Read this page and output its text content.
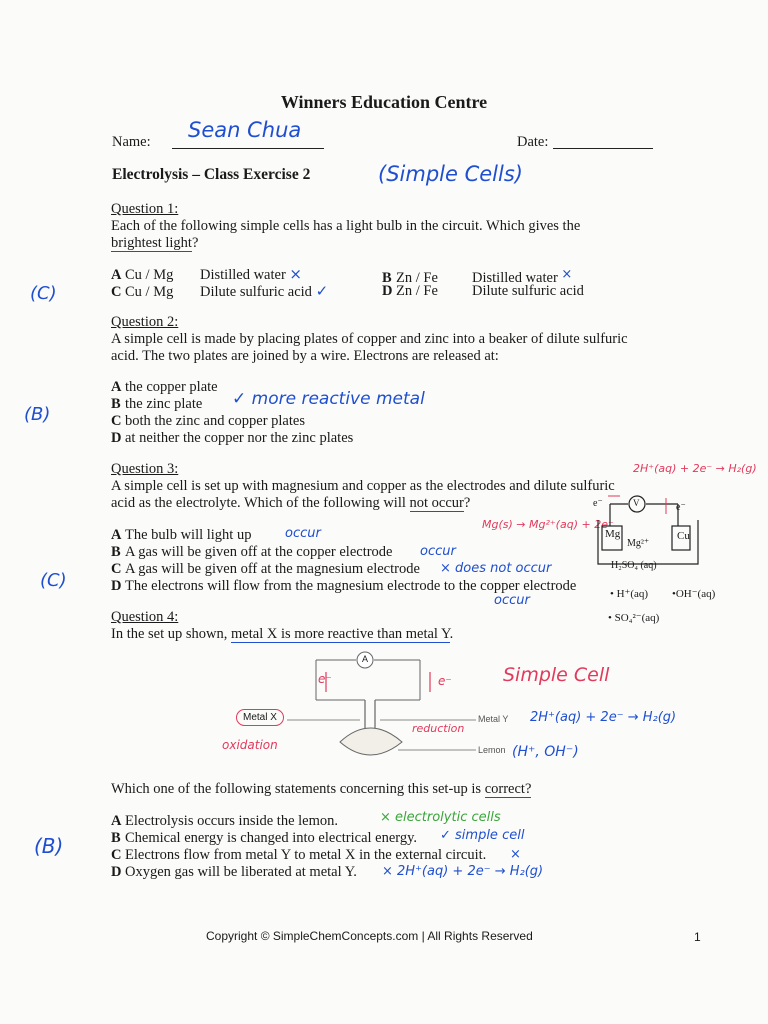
Winners Education Centre
Name: Sean Chua	Date:
Electrolysis – Class Exercise 2	(Simple Cells)
Question 1:
Each of the following simple cells has a light bulb in the circuit. Which gives the
brightest light?
A Cu / Mg Distilled water ×
C Cu / Mg Dilute sulfuric acid ✓
B Zn / Fe Distilled water ×
D Zn / Fe Dilute sulfuric acid
(C)
Question 2:
A simple cell is made by placing plates of copper and zinc into a beaker of dilute sulfuric
acid. The two plates are joined by a wire. Electrons are released at:
A the copper plate
B the zinc plate
C both the zinc and copper plates
D at neither the copper nor the zinc plates
✓ more reactive metal
(B)
Question 3:
A simple cell is set up with magnesium and copper as the electrodes and dilute sulfuric
acid as the electrolyte. Which of the following will not occur?
2H⁺(aq) + 2e⁻ → H₂(g)
A The bulb will light up
B A gas will be given off at the copper electrode
C A gas will be given off at the magnesium electrode
D The electrons will flow from the magnesium electrode to the copper electrode
occur
occur
× does not occur
occur
(C)
Mg(s) → Mg²⁺(aq) + 2e⁻
e⁻	e⁻
V
Mg
Mg²⁺
Cu
H₂SO₄ (aq)
• H⁺(aq) •OH⁻(aq)
• SO₄²⁻(aq)
Question 4:
In the set up shown, metal X is more reactive than metal Y.
A
e⁻	e⁻
Metal X	Metal Y
Lemon
oxidation
reduction
Simple Cell
2H⁺(aq) + 2e⁻ → H₂(g)
(H⁺, OH⁻)
Which one of the following statements concerning this set-up is correct?
A Electrolysis occurs inside the lemon.
B Chemical energy is changed into electrical energy.
C Electrons flow from metal Y to metal X in the external circuit.
D Oxygen gas will be liberated at metal Y.
× electrolytic cells
✓ simple cell
×
× 2H⁺(aq) + 2e⁻ → H₂(g)
(B)
Copyright © SimpleChemConcepts.com | All Rights Reserved	1
